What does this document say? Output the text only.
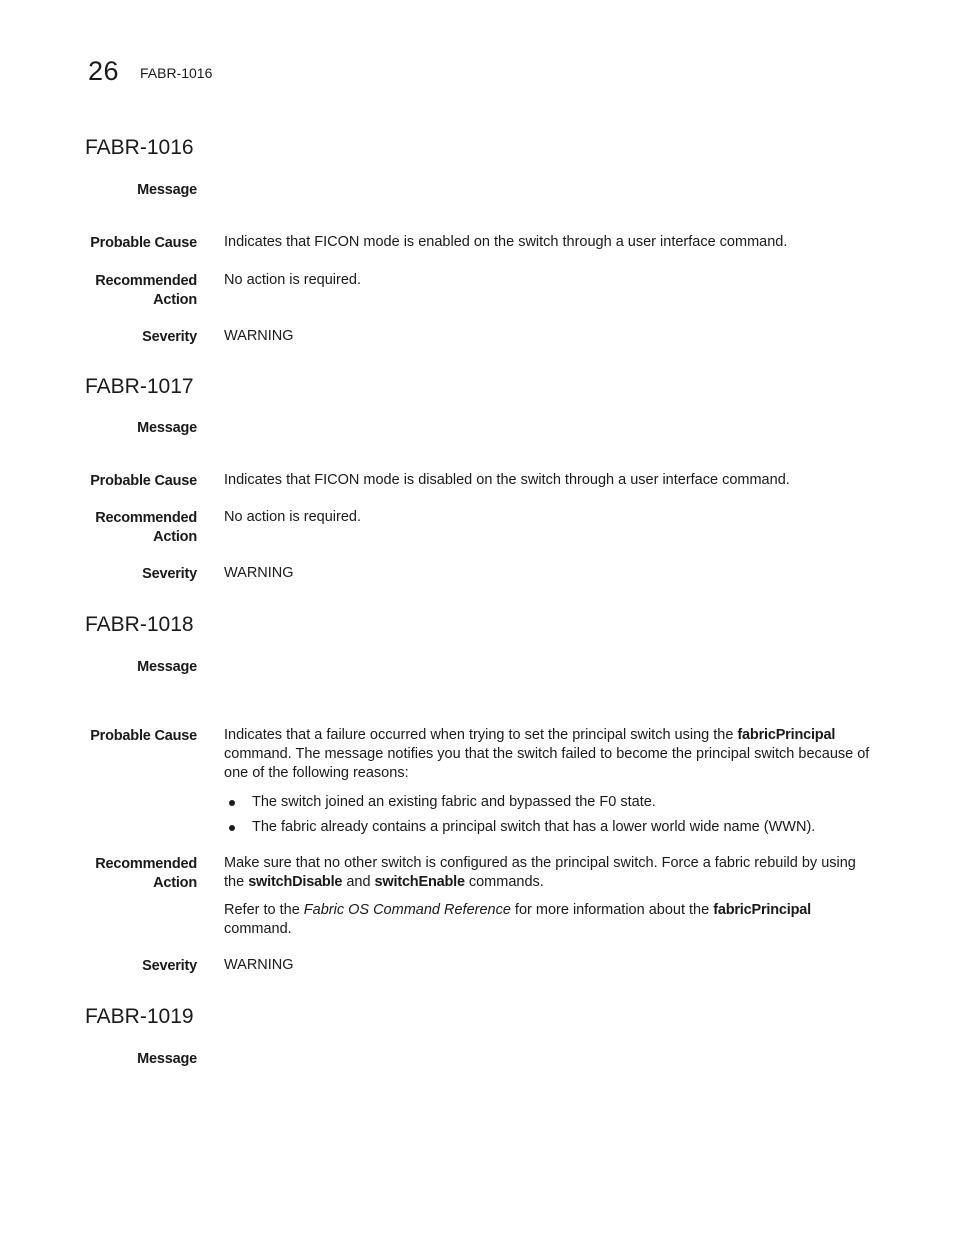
26 FABR-1016
FABR-1016
Message
Probable Cause Indicates that FICON mode is enabled on the switch through a user interface command.
Recommended
Action
No action is required.
Severity WARNING
FABR-1017
Message
Probable Cause Indicates that FICON mode is disabled on the switch through a user interface command.
Recommended
Action
No action is required.
Severity WARNING
FABR-1018
Message
Probable Cause Indicates that a failure occurred when trying to set the principal switch using the fabricPrincipal command. The message notifies you that the switch failed to become the principal switch because of one of the following reasons:

The switch joined an existing fabric and bypassed the F0 state.
The fabric already contains a principal switch that has a lower world wide name (WWN).
Recommended
Action

Make sure that no other switch is configured as the principal switch. Force a fabric rebuild by using the switchDisable and switchEnable commands.

Refer to the Fabric OS Command Reference for more information about the fabricPrincipal command.

Severity WARNING
FABR-1019
Message
